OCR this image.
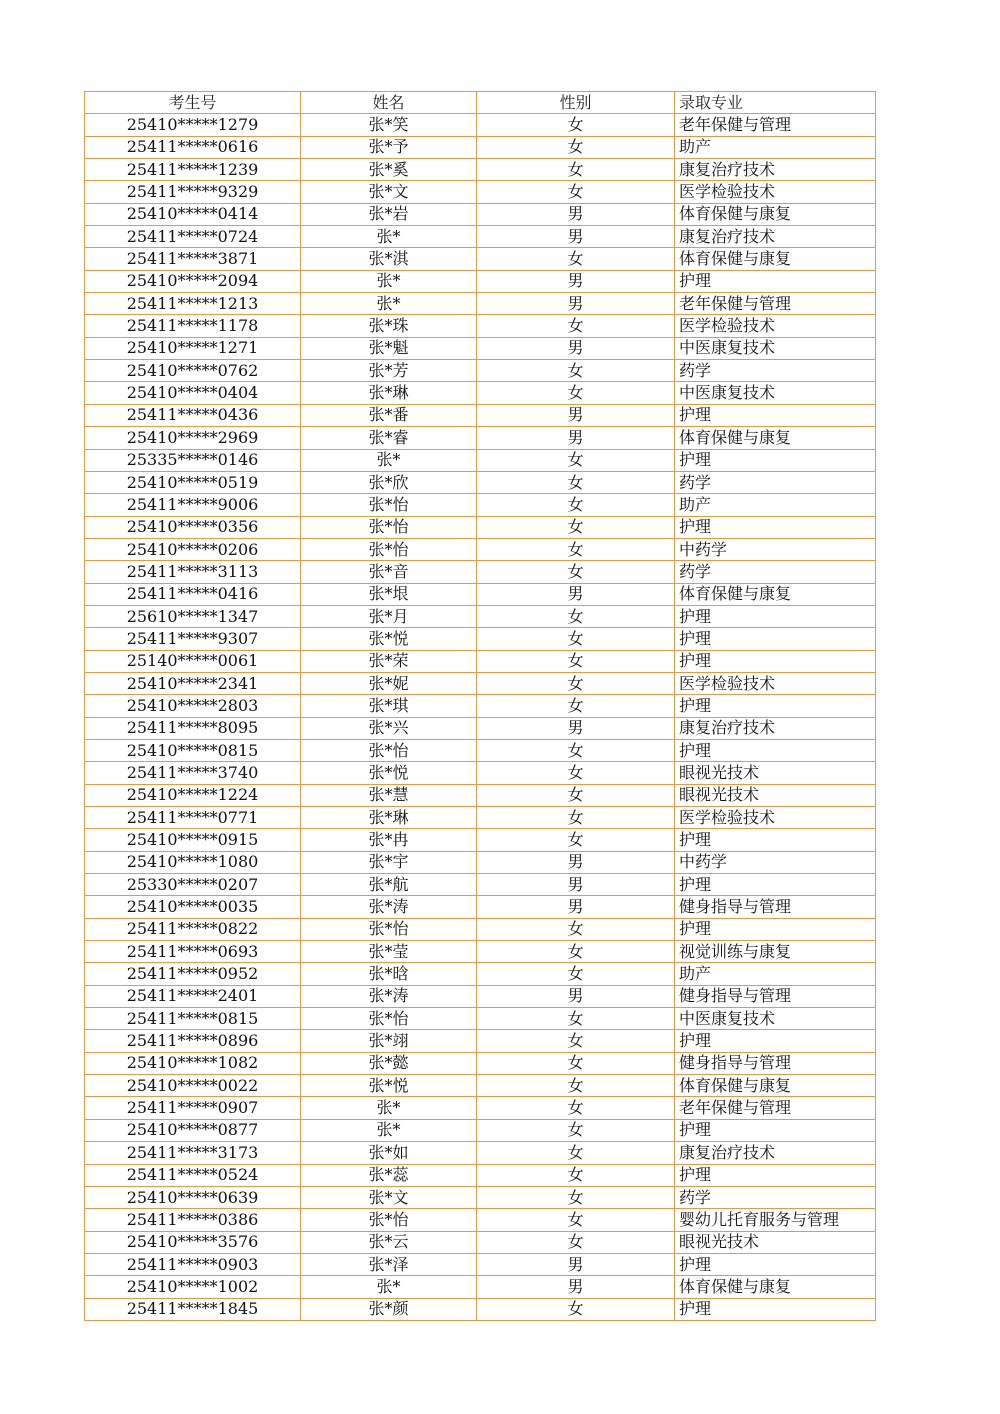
考生号	姓名	性别	录取专业
25410*****1279	张*笑	女	老年保健与管理
25411*****0616	张*予	女	助产
25411*****1239	张*奚	女	康复治疗技术
25411*****9329	张*文	女	医学检验技术
25410*****0414	张*岩	男	体育保健与康复
25411*****0724	张*	男	康复治疗技术
25411*****3871	张*淇	女	体育保健与康复
25410*****2094	张*	男	护理
25411*****1213	张*	男	老年保健与管理
25411*****1178	张*珠	女	医学检验技术
25410*****1271	张*魁	男	中医康复技术
25410*****0762	张*芳	女	药学
25410*****0404	张*琳	女	中医康复技术
25411*****0436	张*番	男	护理
25410*****2969	张*睿	男	体育保健与康复
25335*****0146	张*	女	护理
25410*****0519	张*欣	女	药学
25411*****9006	张*怡	女	助产
25410*****0356	张*怡	女	护理
25410*****0206	张*怡	女	中药学
25411*****3113	张*音	女	药学
25411*****0416	张*垠	男	体育保健与康复
25610*****1347	张*月	女	护理
25411*****9307	张*悦	女	护理
25140*****0061	张*荣	女	护理
25410*****2341	张*妮	女	医学检验技术
25410*****2803	张*琪	女	护理
25411*****8095	张*兴	男	康复治疗技术
25410*****0815	张*怡	女	护理
25411*****3740	张*悦	女	眼视光技术
25410*****1224	张*慧	女	眼视光技术
25411*****0771	张*琳	女	医学检验技术
25410*****0915	张*冉	女	护理
25410*****1080	张*宇	男	中药学
25330*****0207	张*航	男	护理
25410*****0035	张*涛	男	健身指导与管理
25411*****0822	张*怡	女	护理
25411*****0693	张*莹	女	视觉训练与康复
25411*****0952	张*晗	女	助产
25411*****2401	张*涛	男	健身指导与管理
25411*****0815	张*怡	女	中医康复技术
25411*****0896	张*翊	女	护理
25410*****1082	张*懿	女	健身指导与管理
25410*****0022	张*悦	女	体育保健与康复
25411*****0907	张*	女	老年保健与管理
25410*****0877	张*	女	护理
25411*****3173	张*如	女	康复治疗技术
25411*****0524	张*蕊	女	护理
25410*****0639	张*文	女	药学
25411*****0386	张*怡	女	婴幼儿托育服务与管理
25410*****3576	张*云	女	眼视光技术
25411*****0903	张*泽	男	护理
25410*****1002	张*	男	体育保健与康复
25411*****1845	张*颜	女	护理
